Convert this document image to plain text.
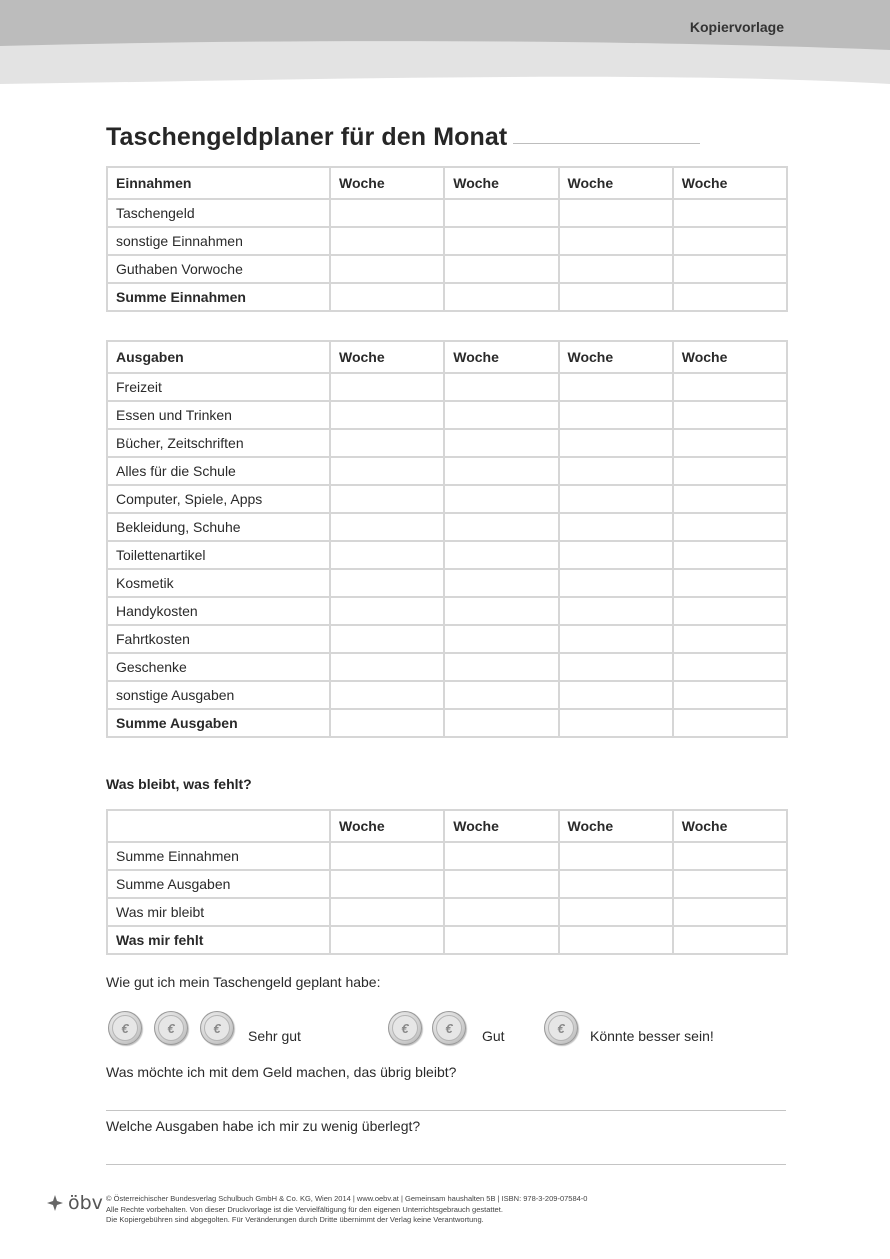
Kopiervorlage
Taschengeldplaner für den Monat
Einnahmen	Woche	Woche	Woche	Woche
Taschengeld				
sonstige Einnahmen				
Guthaben Vorwoche				
Summe Einnahmen				
Ausgaben	Woche	Woche	Woche	Woche
Freizeit				
Essen und Trinken				
Bücher, Zeitschriften				
Alles für die Schule				
Computer, Spiele, Apps				
Bekleidung, Schuhe				
Toilettenartikel				
Kosmetik				
Handykosten				
Fahrtkosten				
Geschenke				
sonstige Ausgaben				
Summe Ausgaben				
Was bleibt, was fehlt?
	Woche	Woche	Woche	Woche
Summe Einnahmen				
Summe Ausgaben				
Was mir bleibt				
Was mir fehlt				
Wie gut ich mein Taschengeld geplant habe:
€	€	€	Sehr gut	€	€	Gut	€	Könnte besser sein!
Was möchte ich mit dem Geld machen, das übrig bleibt?
Welche Ausgaben habe ich mir zu wenig überlegt?
öbv © Österreichischer Bundesverlag Schulbuch GmbH & Co. KG, Wien 2014 | www.oebv.at | Gemeinsam haushalten 5B | ISBN: 978-3-209-07584-0
Alle Rechte vorbehalten. Von dieser Druckvorlage ist die Vervielfältigung für den eigenen Unterrichtsgebrauch gestattet.
Die Kopiergebühren sind abgegolten. Für Veränderungen durch Dritte übernimmt der Verlag keine Verantwortung.
